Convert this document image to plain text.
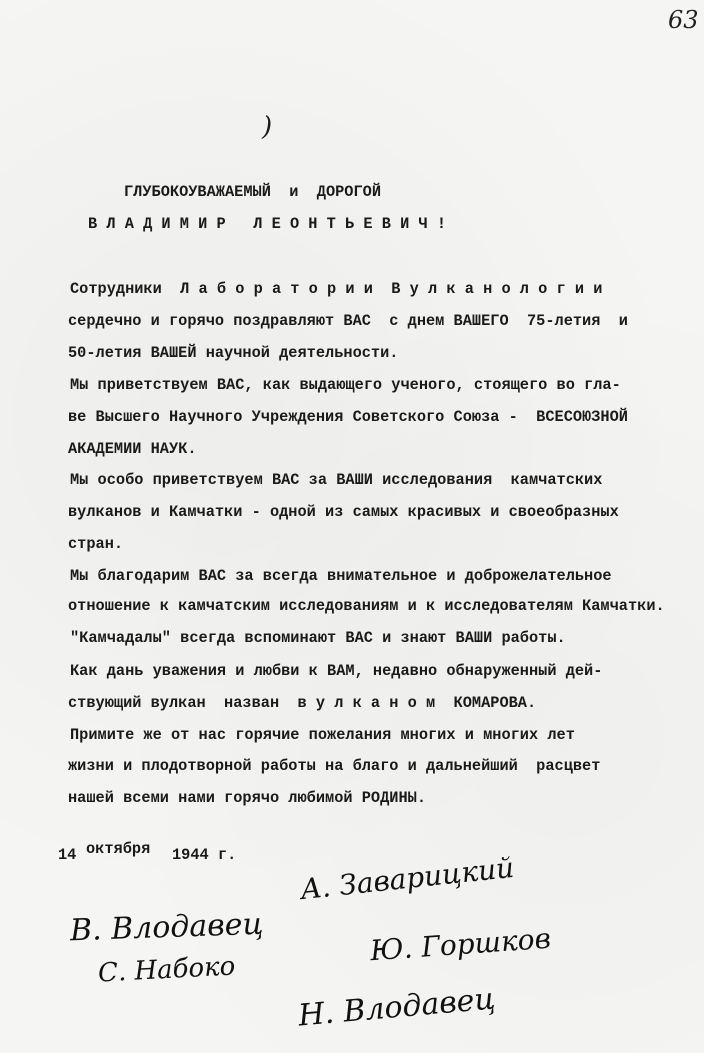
63
)
ГЛУБОКОУВАЖАЕМЫЙ  и  ДОРОГОЙ
В Л А Д И М И Р   Л Е О Н Т Ь Е В И Ч !
Сотрудники  Л а б о р а т о р и и  В у л к а н о л о г и и
сердечно и горячо поздравляют ВАС  с днем ВАШЕГО  75-летия  и
50-летия ВАШЕЙ научной деятельности.
Мы приветствуем ВАС, как выдающего ученого, стоящего во гла-
ве Высшего Научного Учреждения Советского Союза -  ВСЕСОЮЗНОЙ
АКАДЕМИИ НАУК.
Мы особо приветствуем ВАС за ВАШИ исследования  камчатских
вулканов и Камчатки - одной из самых красивых и своеобразных
стран.
Мы благодарим ВАС за всегда внимательное и доброжелательное
отношение к камчатским исследованиям и к исследователям Камчатки.
"Камчадалы" всегда вспоминают ВАС и знают ВАШИ работы.
Как дань уважения и любви к ВАМ, недавно обнаруженный дей-
ствующий вулкан  назван  в у л к а н о м  КОМАРОВА.
Примите же от нас горячие пожелания многих и многих лет
жизни и плодотворной работы на благо и дальнейший  расцвет
нашей всеми нами горячо любимой РОДИНЫ.
14 октября 1944 г. А. Заварицкий
В. Влодавец	Ю. Горшков
С. Набоко
Н. Влодавец
